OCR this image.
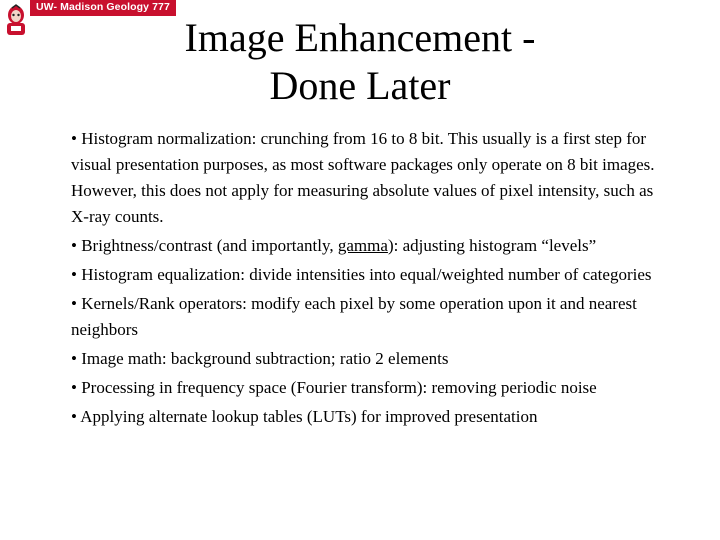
UW- Madison Geology 777
Image Enhancement -
Done Later
• Histogram normalization: crunching from 16 to 8 bit. This usually is a first step for visual presentation purposes, as most software packages only operate on 8 bit images. However, this does not apply for measuring absolute values of pixel intensity, such as X-ray counts.
• Brightness/contrast (and importantly, gamma): adjusting histogram “levels”
• Histogram equalization: divide intensities into equal/weighted number of categories
• Kernels/Rank operators: modify each pixel by some operation upon it and nearest neighbors
• Image math: background subtraction; ratio 2 elements
• Processing in frequency space (Fourier transform): removing periodic noise
• Applying alternate lookup tables (LUTs) for improved presentation
